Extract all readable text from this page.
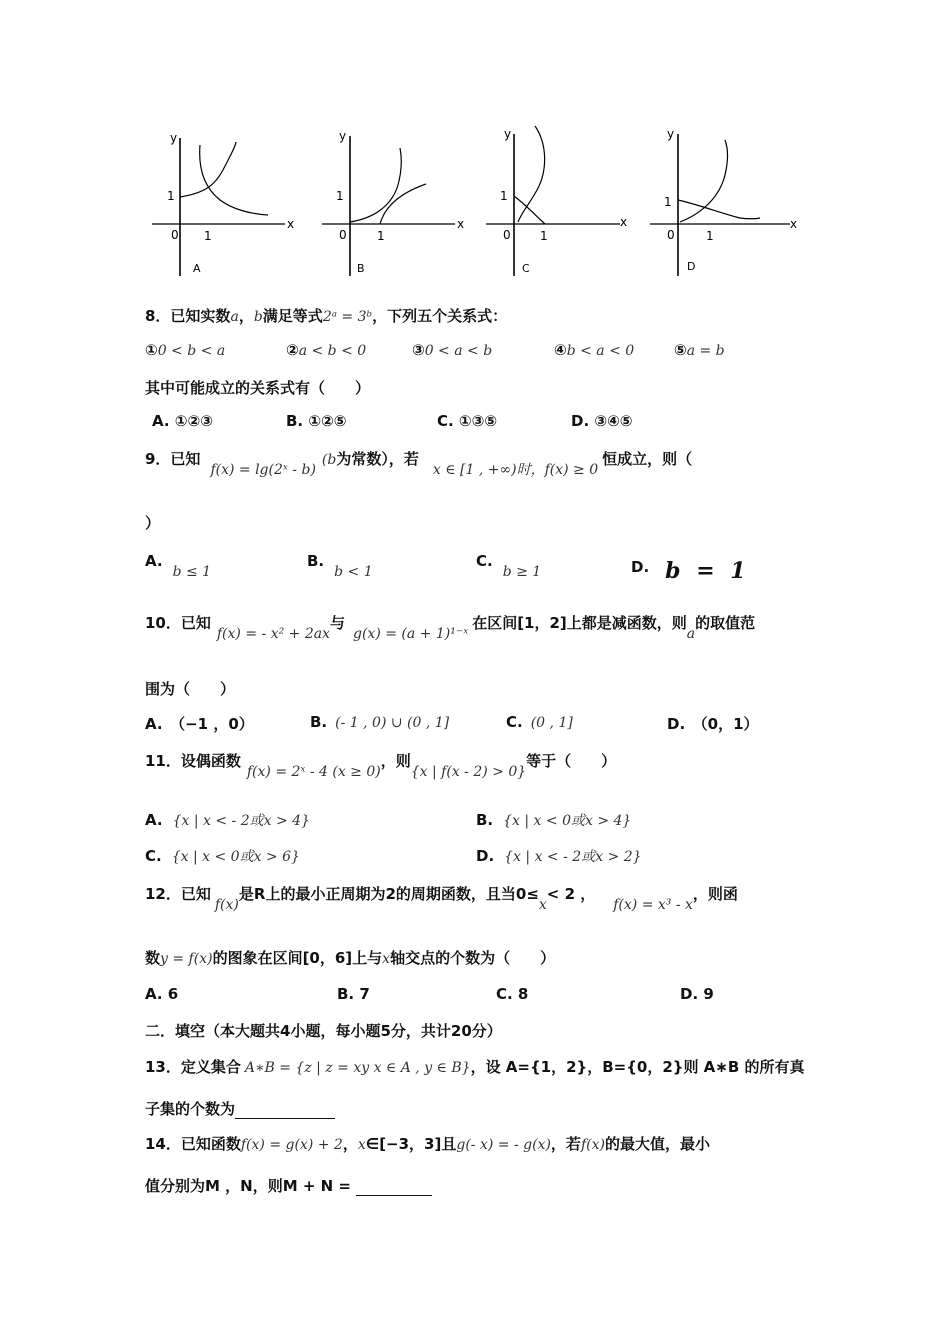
y
x
0 1
1
A
y
x
0	1
1
B
y
x
0 1
1
C
y
x
0	1
1
D
8．已知实数a，b满足等式2ᵃ = 3ᵇ，下列五个关系式：
①0 < b < a	②a < b < 0	③0 < a < b	④b < a < 0	⑤a = b
其中可能成立的关系式有（　　）
A. ①②③	B. ①②⑤	C. ①③⑤	D. ③④⑤
9．已知f(x) = lg(2ˣ - b)(b为常数），若x ∈ [1 , +∞)时，f(x) ≥ 0恒成立，则（
）
A.b ≤ 1
B.b < 1
C.b ≥ 1	D. b = 1
10．已知f(x) = - x² + 2ax与g(x) = (a + 1)¹⁻ˣ在区间[1，2]上都是减函数，则a的取值范
围为（　　）
A.　（−1 ，0）	B. (- 1 , 0) ∪ (0 , 1]	C. (0 , 1]	D.　（0，1）
11．设偶函数f(x) = 2ˣ - 4 (x ≥ 0)，则{x | f(x - 2) > 0}等于（　　）
A. {x | x < - 2或x > 4}	B. {x | x < 0或x > 4}
C. {x | x < 0或x > 6}	D. {x | x < - 2或x > 2}
12．已知f(x)是R上的最小正周期为2的周期函数，且当0≤x< 2 ，f(x) = x³ - x，则函
数y = f(x)的图象在区间[0，6]上与x轴交点的个数为（　　）
A. 6	B. 7	C. 8	D. 9
二．填空（本大题共4小题，每小题5分，共计20分）
13．定义集合 A∗B = {z | z = xy x ∈ A , y ∈ B}，设 A={1，2}，B={0，2}则 A∗B 的所有真
子集的个数为
14．已知函数f(x) = g(x) + 2，x∈[−3，3]且g(- x) = - g(x)，若f(x)的最大值，最小
值分别为M ，N，则M + N =
